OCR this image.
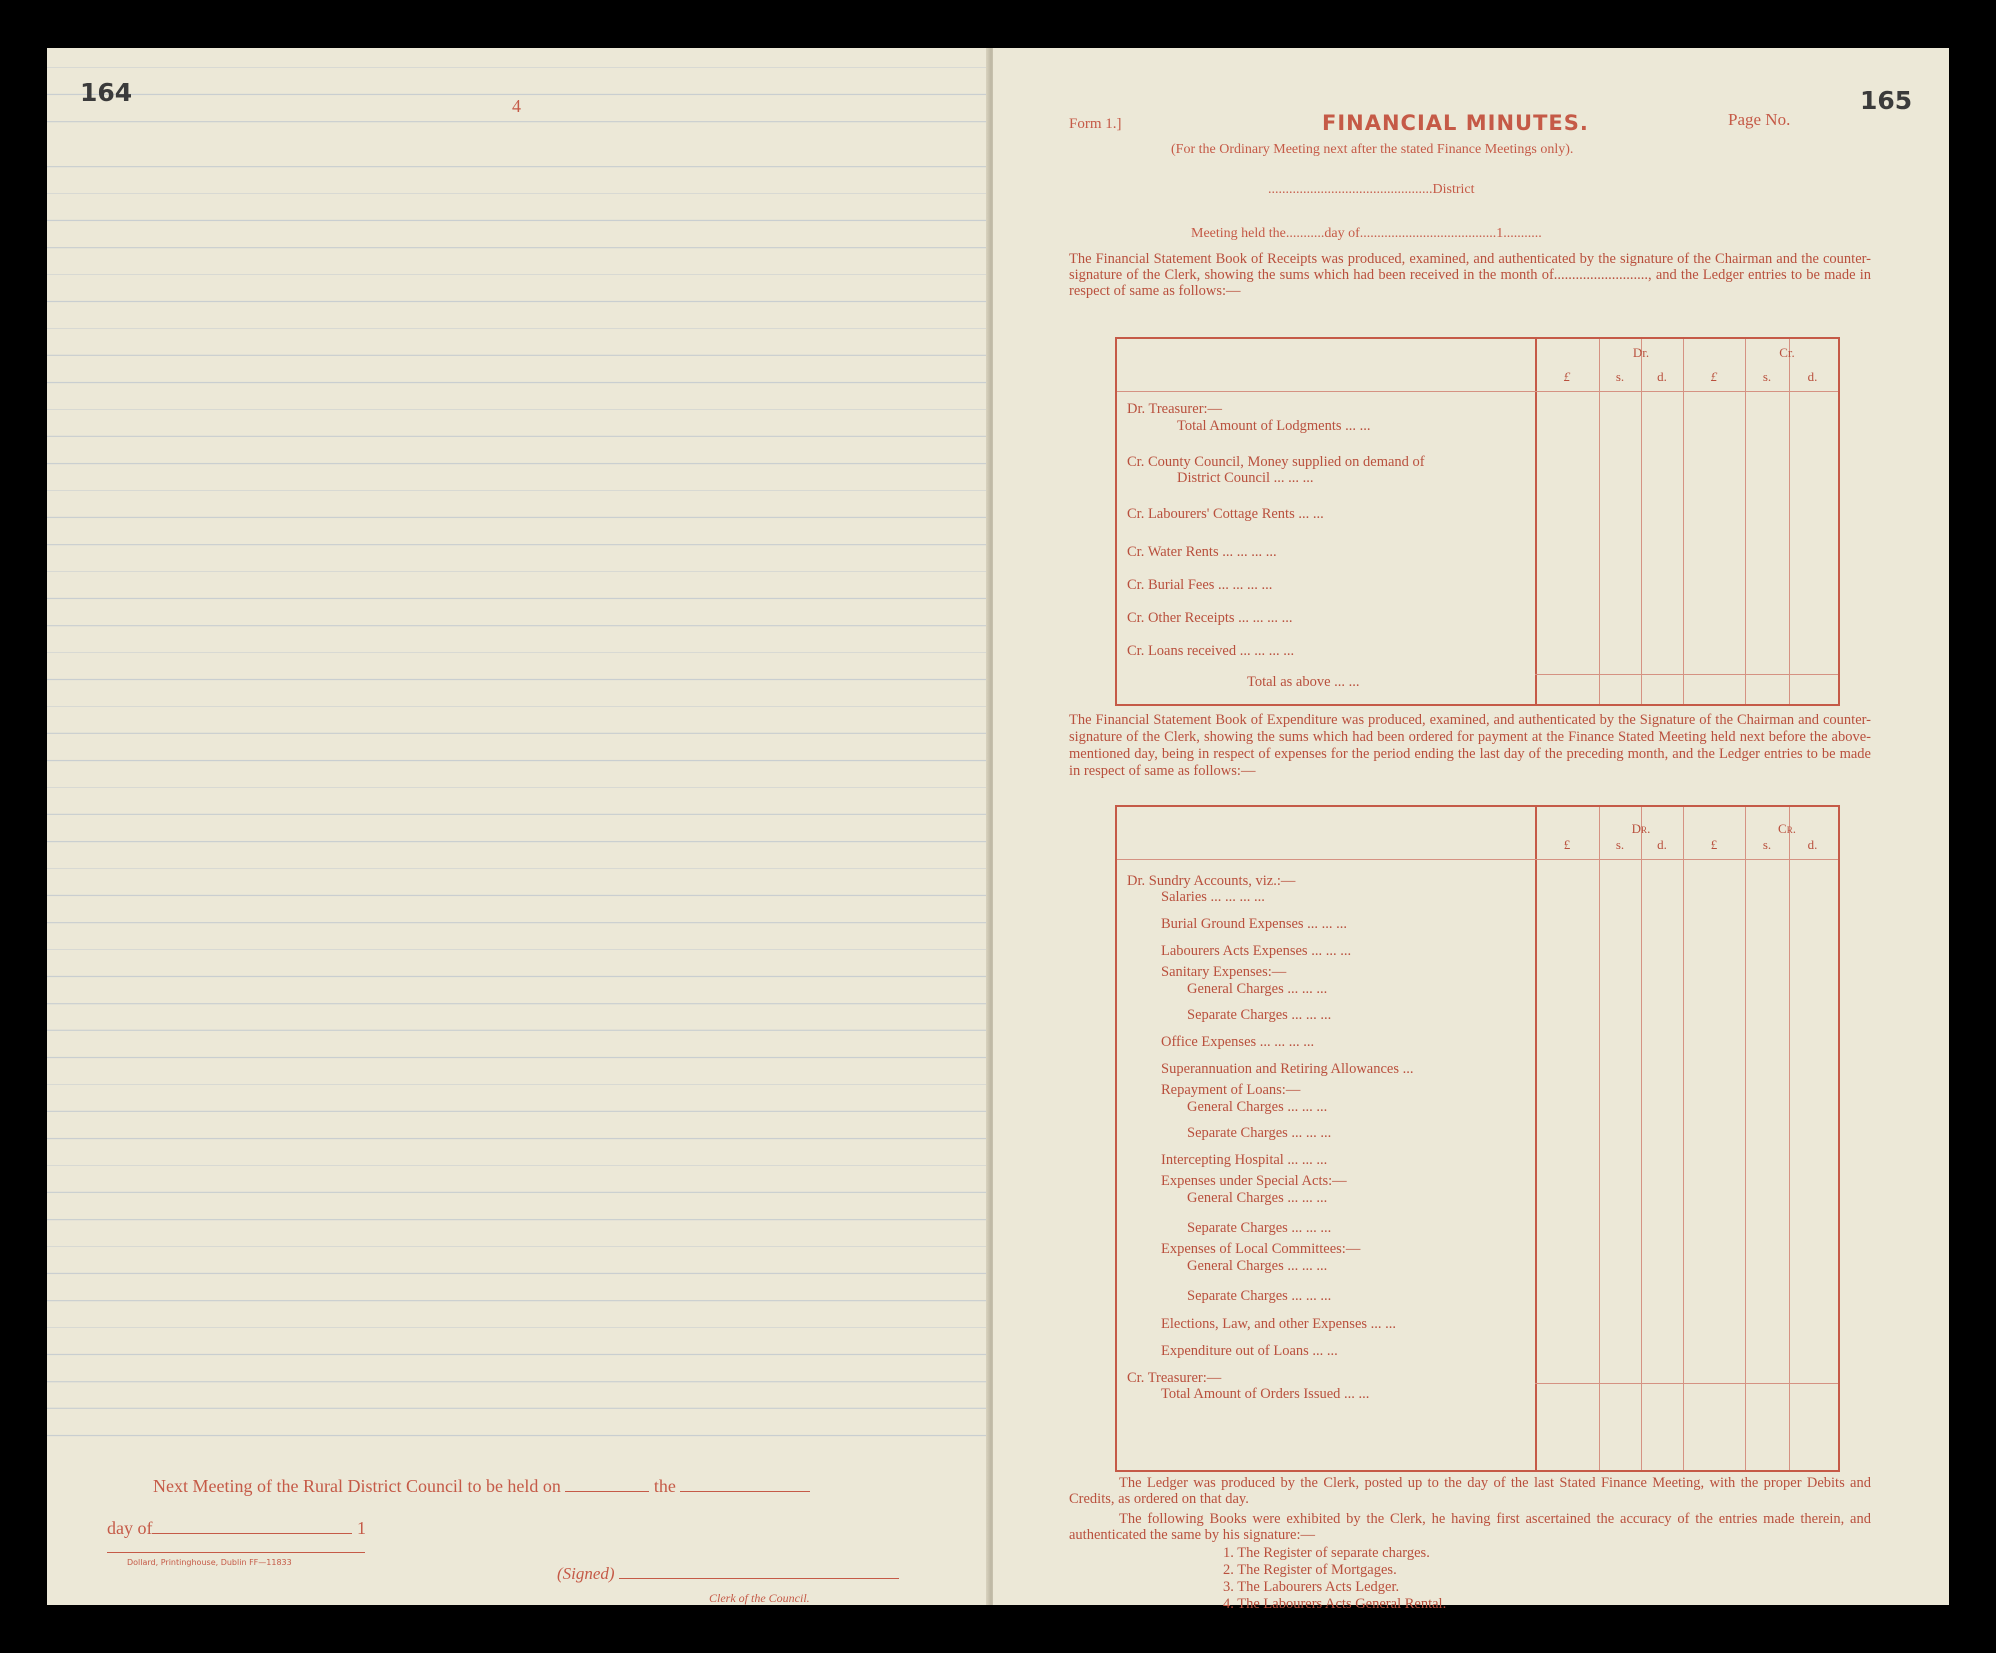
164	4
Next Meeting of the Rural District Council to be held on	the
day of	1
(Signed)
Clerk of the Council.
Dollard, Printinghouse, Dublin FF—11833
165
Form 1.]	FINANCIAL MINUTES.	Page No.
(For the Ordinary Meeting next after the stated Finance Meetings only).
...............................................District
Meeting held the...........day of.......................................1...........
The Financial Statement Book of Receipts was produced, examined, and authenticated by the signature of the Chairman and the counter-signature of the Clerk, showing the sums which had been received in the month of.........................., and the Ledger entries to be made in respect of same as follows:—
Dr.	Cr.
£	s.	d.	£	s.	d.
Dr. Treasurer:—
Total Amount of Lodgments ... ...
Cr. County Council, Money supplied on demand of
District Council ... ... ...
Cr. Labourers' Cottage Rents ... ...
Cr. Water Rents ... ... ... ...
Cr. Burial Fees ... ... ... ...
Cr. Other Receipts ... ... ... ...
Cr. Loans received ... ... ... ...
Total as above ... ...
The Financial Statement Book of Expenditure was produced, examined, and authenticated by the Signature of the Chairman and counter-signature of the Clerk, showing the sums which had been ordered for payment at the Finance Stated Meeting held next before the above-mentioned day, being in respect of expenses for the period ending the last day of the preceding month, and the Ledger entries to be made in respect of same as follows:—
Dr.	Cr.
£	s.	d.	£	s.	d.
Dr. Sundry Accounts, viz.:—
Salaries ... ... ... ...
Burial Ground Expenses ... ... ...
Labourers Acts Expenses ... ... ...
Sanitary Expenses:—
General Charges ... ... ...
Separate Charges ... ... ...
Office Expenses ... ... ... ...
Superannuation and Retiring Allowances ...
Repayment of Loans:—
General Charges ... ... ...
Separate Charges ... ... ...
Intercepting Hospital ... ... ...
Expenses under Special Acts:—
General Charges ... ... ...
Separate Charges ... ... ...
Expenses of Local Committees:—
General Charges ... ... ...
Separate Charges ... ... ...
Elections, Law, and other Expenses ... ...
Expenditure out of Loans ... ...
Cr. Treasurer:—
Total Amount of Orders Issued ... ...
The Ledger was produced by the Clerk, posted up to the day of the last Stated Finance Meeting, with the proper Debits and Credits, as ordered on that day.
The following Books were exhibited by the Clerk, he having first ascertained the accuracy of the entries made therein, and authenticated the same by his signature:—
1. The Register of separate charges.
2. The Register of Mortgages.
3. The Labourers Acts Ledger.
4. The Labourers Acts General Rental.
